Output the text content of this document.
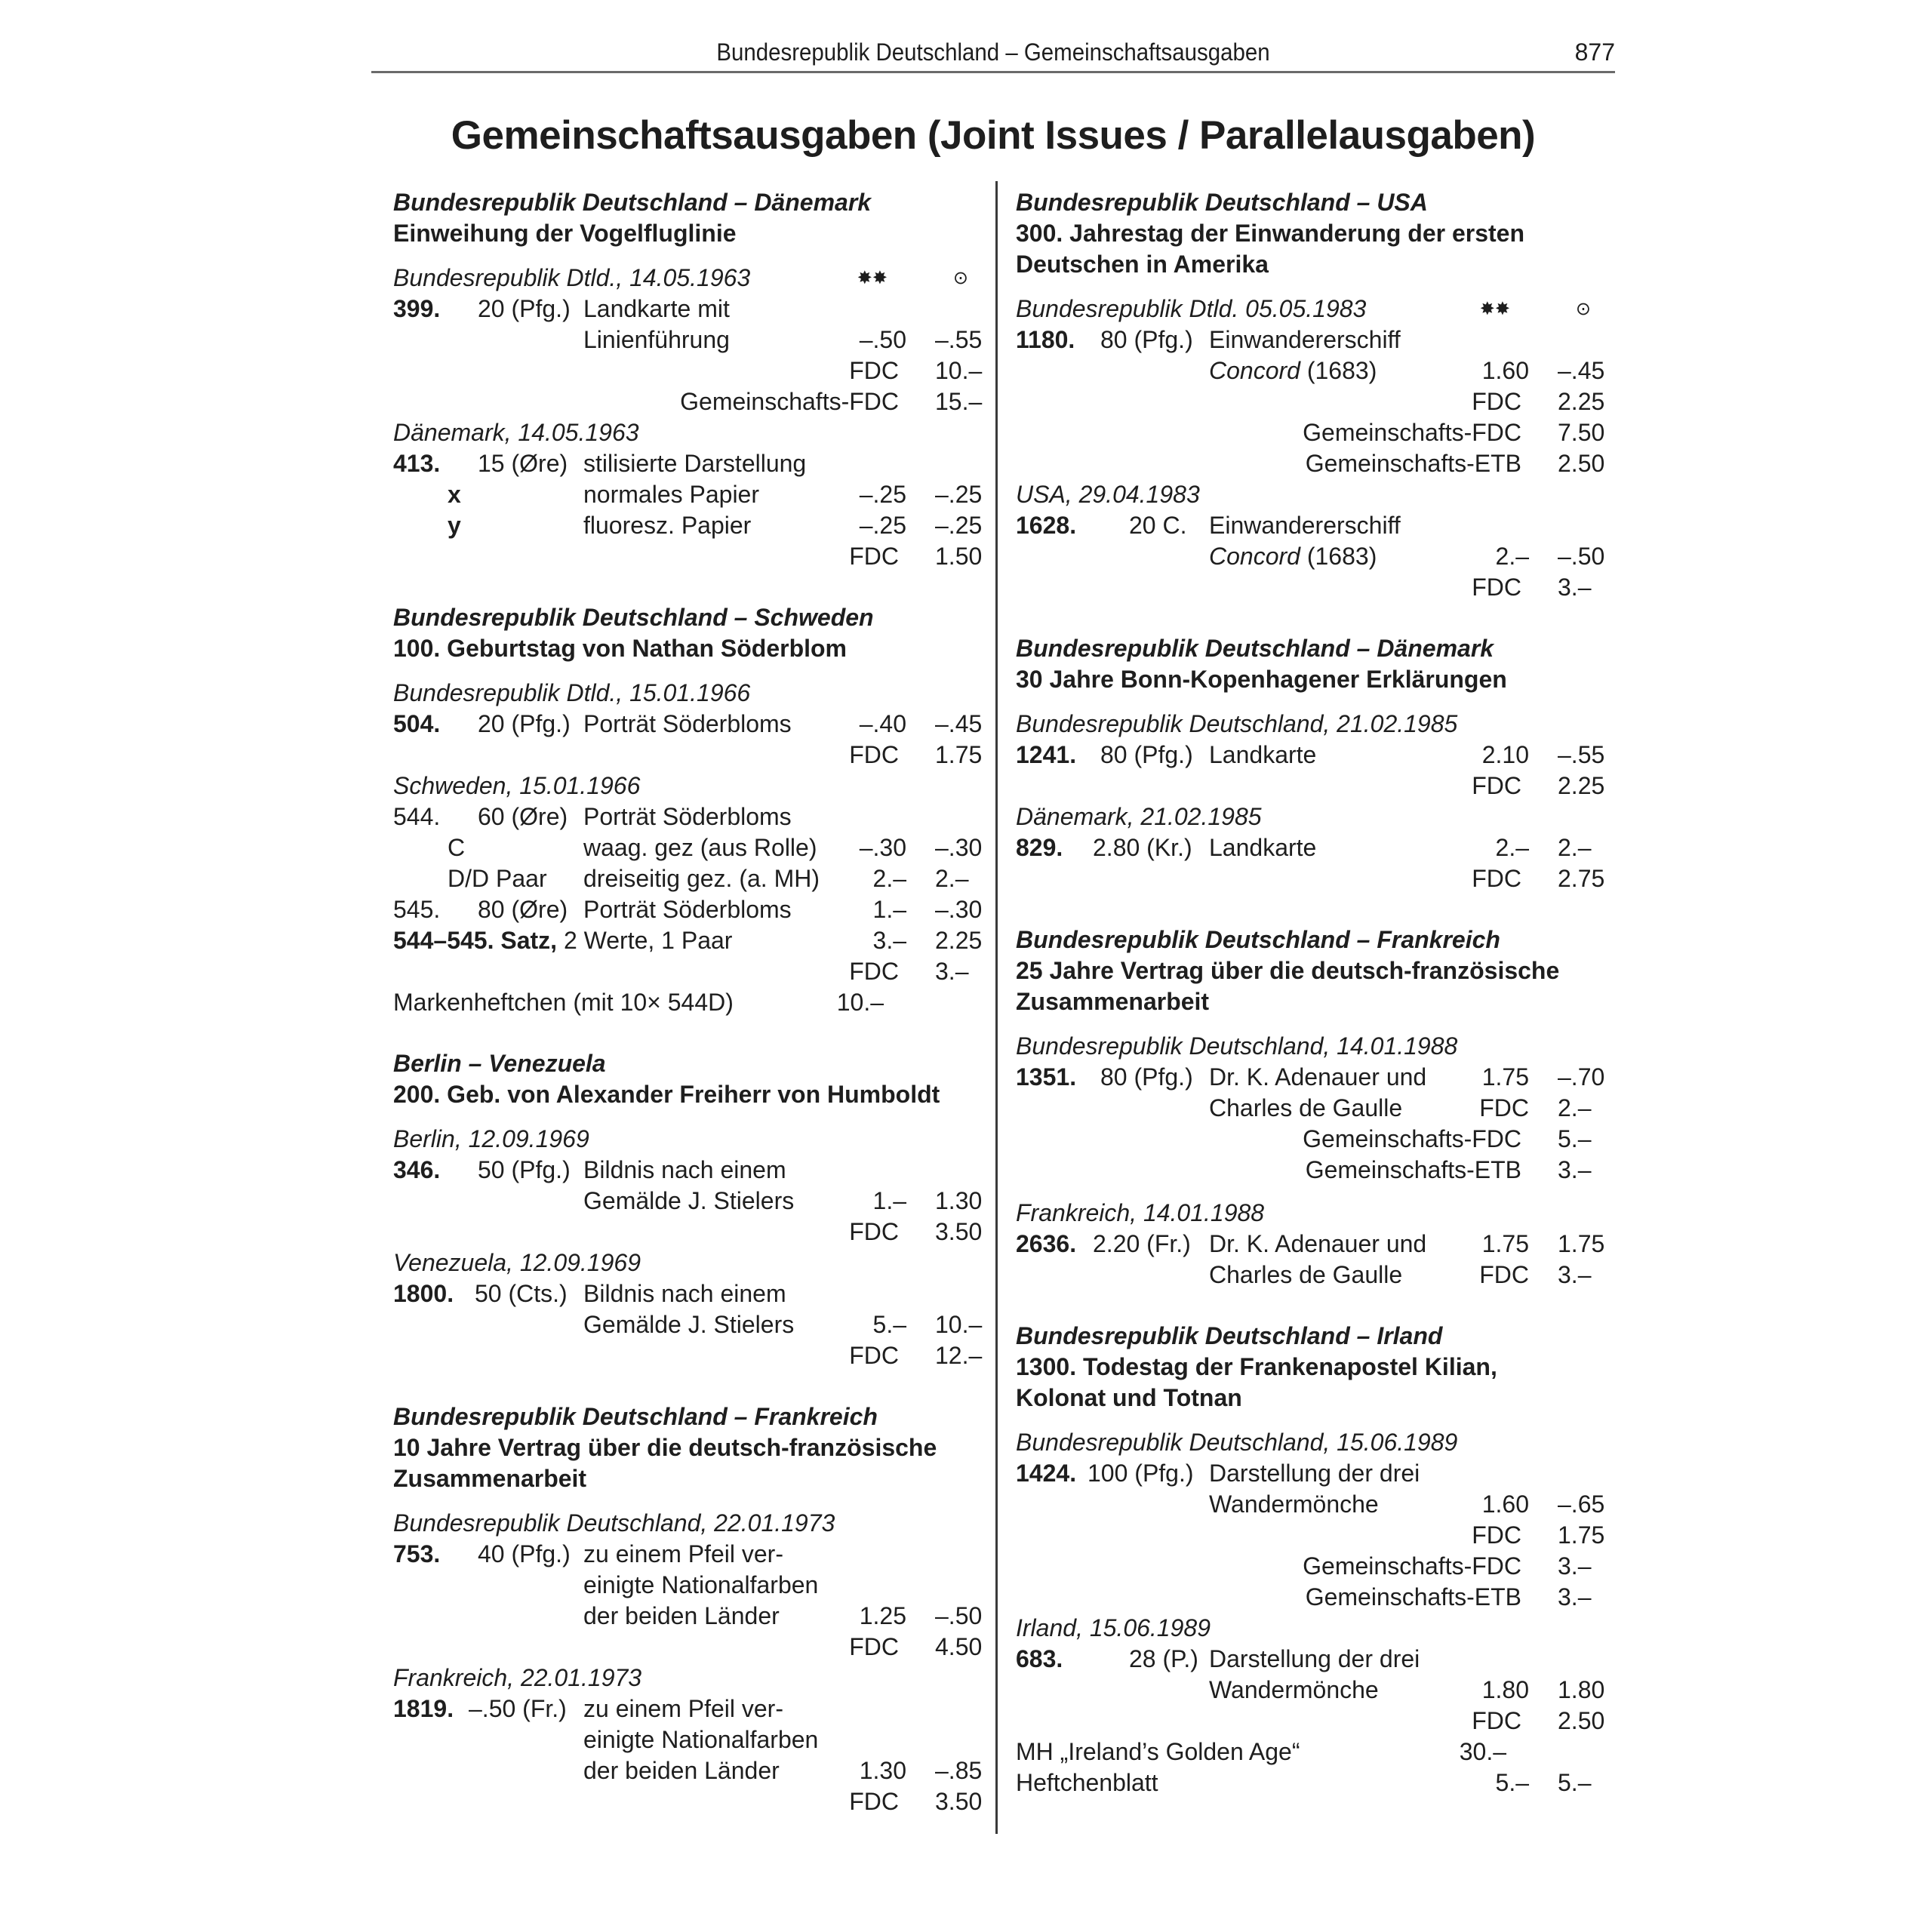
Bundesrepublik Deutschland – Gemeinschaftsausgaben	877
Gemeinschaftsausgaben (Joint Issues / Parallelausgaben)
Bundesrepublik Deutschland – Dänemark
Einweihung der Vogelfluglinie
Bundesrepublik Dtld., 14.05.1963	✸✸	⊙
399. 20 (Pfg.) Landkarte mit
Linienführung	–.50 –.55
FDC 10.–
Gemeinschafts-FDC 15.–
Dänemark, 14.05.1963
413. 15 (Øre) stilisierte Darstellung
x	normales Papier	–.25 –.25
y	fluoresz. Papier	–.25 –.25
FDC 1.50
Bundesrepublik Deutschland – Schweden
100. Geburtstag von Nathan Söderblom
Bundesrepublik Dtld., 15.01.1966
504. 20 (Pfg.) Porträt Söderbloms	–.40 –.45
FDC 1.75
Schweden, 15.01.1966
544. 60 (Øre) Porträt Söderbloms
C	waag. gez (aus Rolle) –.30 –.30
D/D Paar dreiseitig gez. (a. MH)	2.– 2.–
545. 80 (Øre) Porträt Söderbloms	1.– –.30
544–545. Satz, 2 Werte, 1 Paar	3.– 2.25
FDC 3.–
Markenheftchen (mit 10× 544D)	10.–
Berlin – Venezuela
200. Geb. von Alexander Freiherr von Humboldt
Berlin, 12.09.1969
346. 50 (Pfg.) Bildnis nach einem
Gemälde J. Stielers	1.– 1.30
FDC 3.50
Venezuela, 12.09.1969
1800. 50 (Cts.) Bildnis nach einem
Gemälde J. Stielers	5.– 10.–
FDC 12.–
Bundesrepublik Deutschland – Frankreich
10 Jahre Vertrag über die deutsch-französische
Zusammenarbeit
Bundesrepublik Deutschland, 22.01.1973
753. 40 (Pfg.) zu einem Pfeil ver-
einigte Nationalfarben
der beiden Länder	1.25 –.50
FDC 4.50
Frankreich, 22.01.1973
1819. –.50 (Fr.) zu einem Pfeil ver-
einigte Nationalfarben
der beiden Länder	1.30 –.85
FDC 3.50
Bundesrepublik Deutschland – USA
300. Jahrestag der Einwanderung der ersten
Deutschen in Amerika
Bundesrepublik Dtld. 05.05.1983	✸✸	⊙
1180. 80 (Pfg.) Einwandererschiff
Concord (1683)	1.60 –.45
FDC 2.25
Gemeinschafts-FDC 7.50
Gemeinschafts-ETB 2.50
USA, 29.04.1983
1628. 20 C. Einwandererschiff
Concord (1683)	2.– –.50
FDC 3.–
Bundesrepublik Deutschland – Dänemark
30 Jahre Bonn-Kopenhagener Erklärungen
Bundesrepublik Deutschland, 21.02.1985
1241. 80 (Pfg.) Landkarte	2.10 –.55
FDC 2.25
Dänemark, 21.02.1985
829. 2.80 (Kr.) Landkarte	2.– 2.–
FDC 2.75
Bundesrepublik Deutschland – Frankreich
25 Jahre Vertrag über die deutsch-französische
Zusammenarbeit
Bundesrepublik Deutschland, 14.01.1988
1351. 80 (Pfg.) Dr. K. Adenauer und 1.75 –.70
Charles de Gaulle	FDC 2.–
Gemeinschafts-FDC 5.–
Gemeinschafts-ETB 3.–
Frankreich, 14.01.1988
2636. 2.20 (Fr.) Dr. K. Adenauer und 1.75 1.75
Charles de Gaulle	FDC 3.–
Bundesrepublik Deutschland – Irland
1300. Todestag der Frankenapostel Kilian,
Kolonat und Totnan
Bundesrepublik Deutschland, 15.06.1989
1424. 100 (Pfg.) Darstellung der drei
Wandermönche	1.60 –.65
FDC 1.75
Gemeinschafts-FDC 3.–
Gemeinschafts-ETB 3.–
Irland, 15.06.1989
683.	28 (P.) Darstellung der drei
Wandermönche	1.80 1.80
FDC 2.50
MH „Ireland’s Golden Age“	30.–
Heftchenblatt	5.– 5.–
